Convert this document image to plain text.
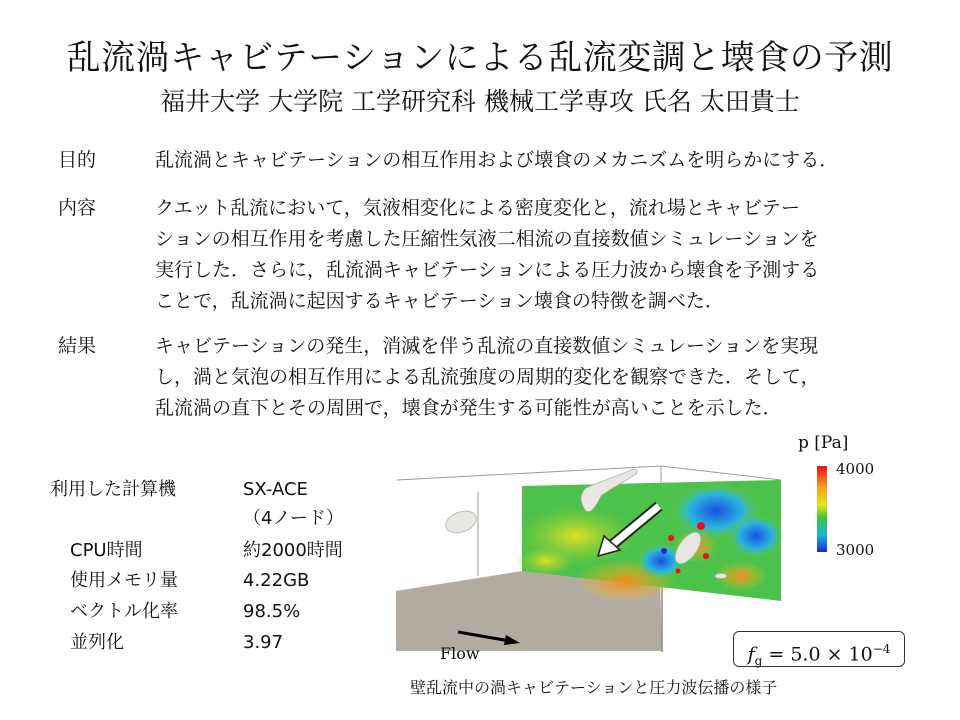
乱流渦キャビテーションによる乱流変調と壊食の予測
福井大学 大学院 工学研究科 機械工学専攻 氏名 太田貴士
目的	乱流渦とキャビテーションの相互作用および壊食のメカニズムを明らかにする．
内容	クエット乱流において，気液相変化による密度変化と，流れ場とキャビテー
ションの相互作用を考慮した圧縮性気液二相流の直接数値シミュレーションを
実行した．さらに，乱流渦キャビテーションによる圧力波から壊食を予測する
ことで，乱流渦に起因するキャビテーション壊食の特徴を調べた．
結果	キャビテーションの発生，消滅を伴う乱流の直接数値シミュレーションを実現
し，渦と気泡の相互作用による乱流強度の周期的変化を観察できた．そして，
乱流渦の直下とその周囲で，壊食が発生する可能性が高いことを示した．
利用した計算機	SX-ACE
（4ノード）
CPU時間	約2000時間
使用メモリ量	4.22GB
ベクトル化率	98.5%
並列化	3.97
Flow
p [Pa]
4000
3000
$f_g = 5.0 \times 10^{-4}$
壁乱流中の渦キャビテーションと圧力波伝播の様子
